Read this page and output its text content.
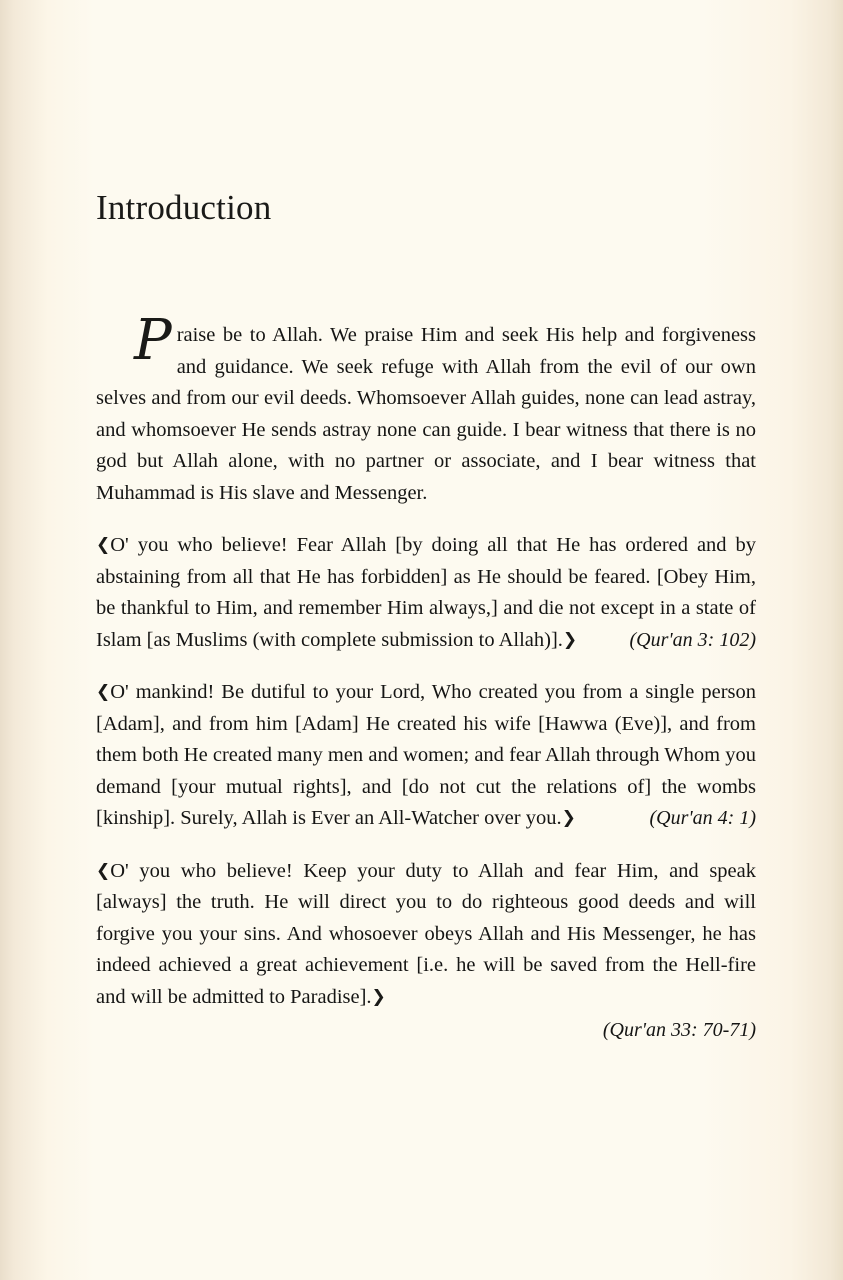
Introduction

Praise be to Allah. We praise Him and seek His help and forgiveness and guidance. We seek refuge with Allah from the evil of our own selves and from our evil deeds. Whomsoever Allah guides, none can lead astray, and whomsoever He sends astray none can guide. I bear witness that there is no god but Allah alone, with no partner or associate, and I bear witness that Muhammad is His slave and Messenger.

❮O' you who believe! Fear Allah [by doing all that He has ordered and by abstaining from all that He has forbidden] as He should be feared. [Obey Him, be thankful to Him, and remember Him always,] and die not except in a state of Islam [as Muslims (with complete submission to Allah)].❯	(Qur'an 3: 102)

❮O' mankind! Be dutiful to your Lord, Who created you from a single person [Adam], and from him [Adam] He created his wife [Hawwa (Eve)], and from them both He created many men and women; and fear Allah through Whom you demand [your mutual rights], and [do not cut the relations of] the wombs [kinship]. Surely, Allah is Ever an All-Watcher over you.❯	(Qur'an 4: 1)

❮O' you who believe! Keep your duty to Allah and fear Him, and speak [always] the truth. He will direct you to do righteous good deeds and will forgive you your sins. And whosoever obeys Allah and His Messenger, he has indeed achieved a great achievement [i.e. he will be saved from the Hell-fire and will be admitted to Paradise].❯
(Qur'an 33: 70-71)
